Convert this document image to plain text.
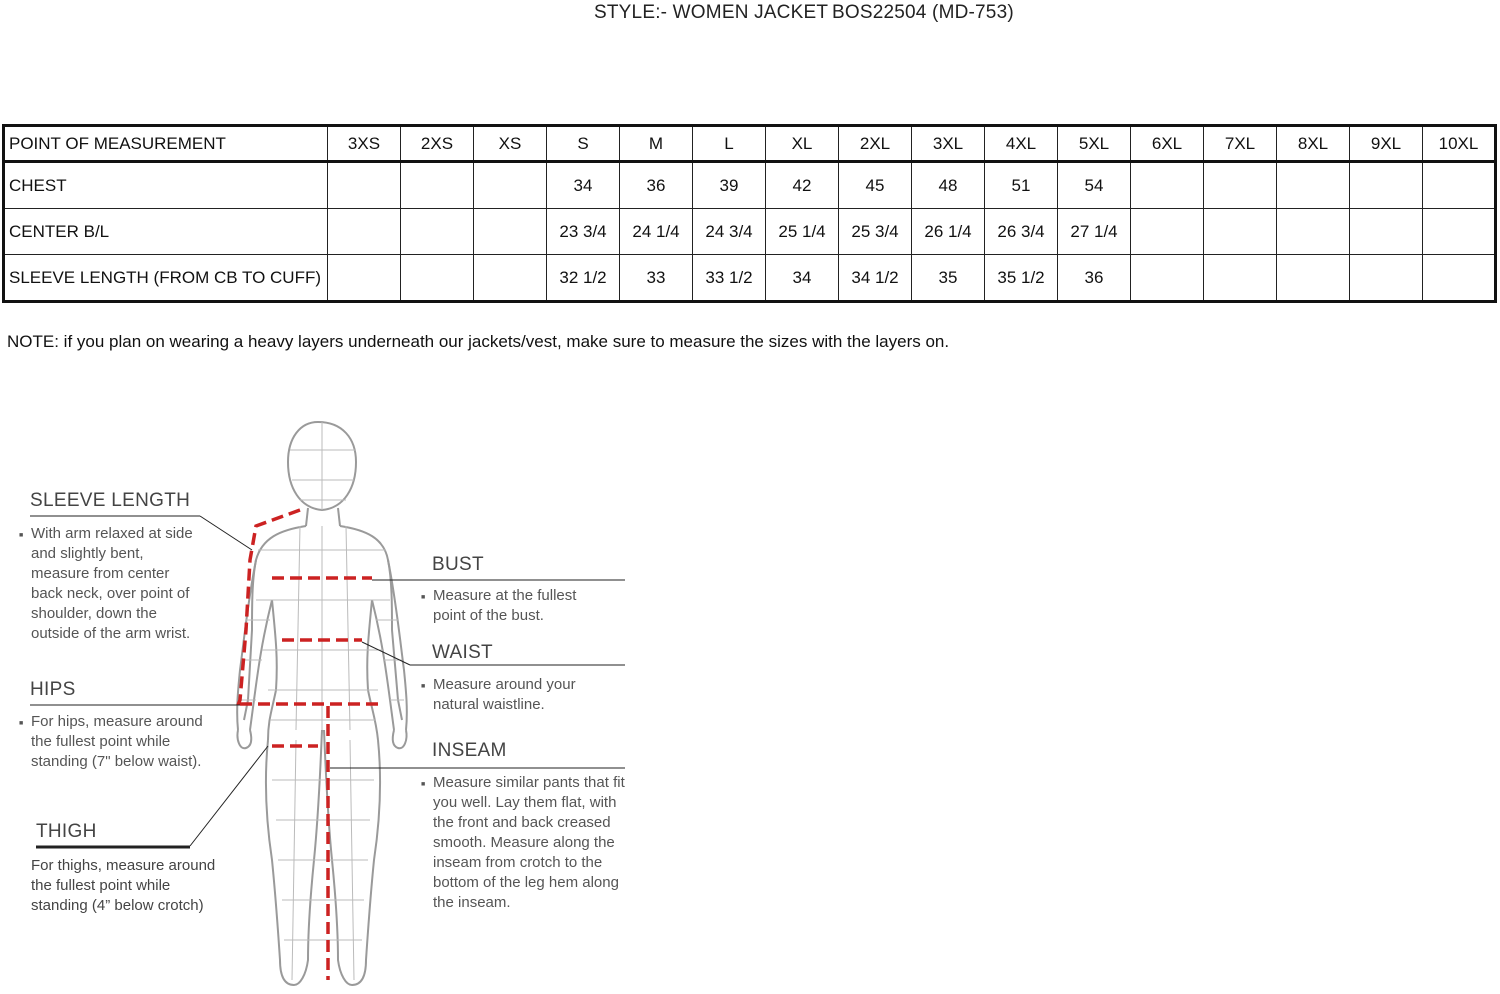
STYLE:- WOMEN JACKET BOS22504 (MD-753)
POINT OF MEASUREMENT	3XS	2XS	XS	S	M	L	XL	2XL	3XL	4XL	5XL	6XL	7XL	8XL	9XL	10XL
CHEST				34	36	39	42	45	48	51	54					
CENTER B/L				23 3/4	24 1/4	24 3/4	25 1/4	25 3/4	26 1/4	26 3/4	27 1/4					
SLEEVE LENGTH (FROM CB TO CUFF)				32 1/2	33	33 1/2	34	34 1/2	35	35 1/2	36					
NOTE: if you plan on wearing a heavy layers underneath our jackets/vest, make sure to measure the sizes with the layers on.
SLEEVE LENGTH
■ With arm relaxed at side and slightly bent, measure from center back neck, over point of shoulder, down the outside of the arm wrist.
HIPS
■ For hips, measure around the fullest point while standing (7" below waist).
THIGH
For thighs, measure around the fullest point while standing (4” below crotch)
BUST
■ Measure at the fullest point of the bust.
WAIST
■ Measure around your natural waistline.
INSEAM
■ Measure similar pants that fit you well. Lay them flat, with the front and back creased smooth. Measure along the inseam from crotch to the bottom of the leg hem along the inseam.
